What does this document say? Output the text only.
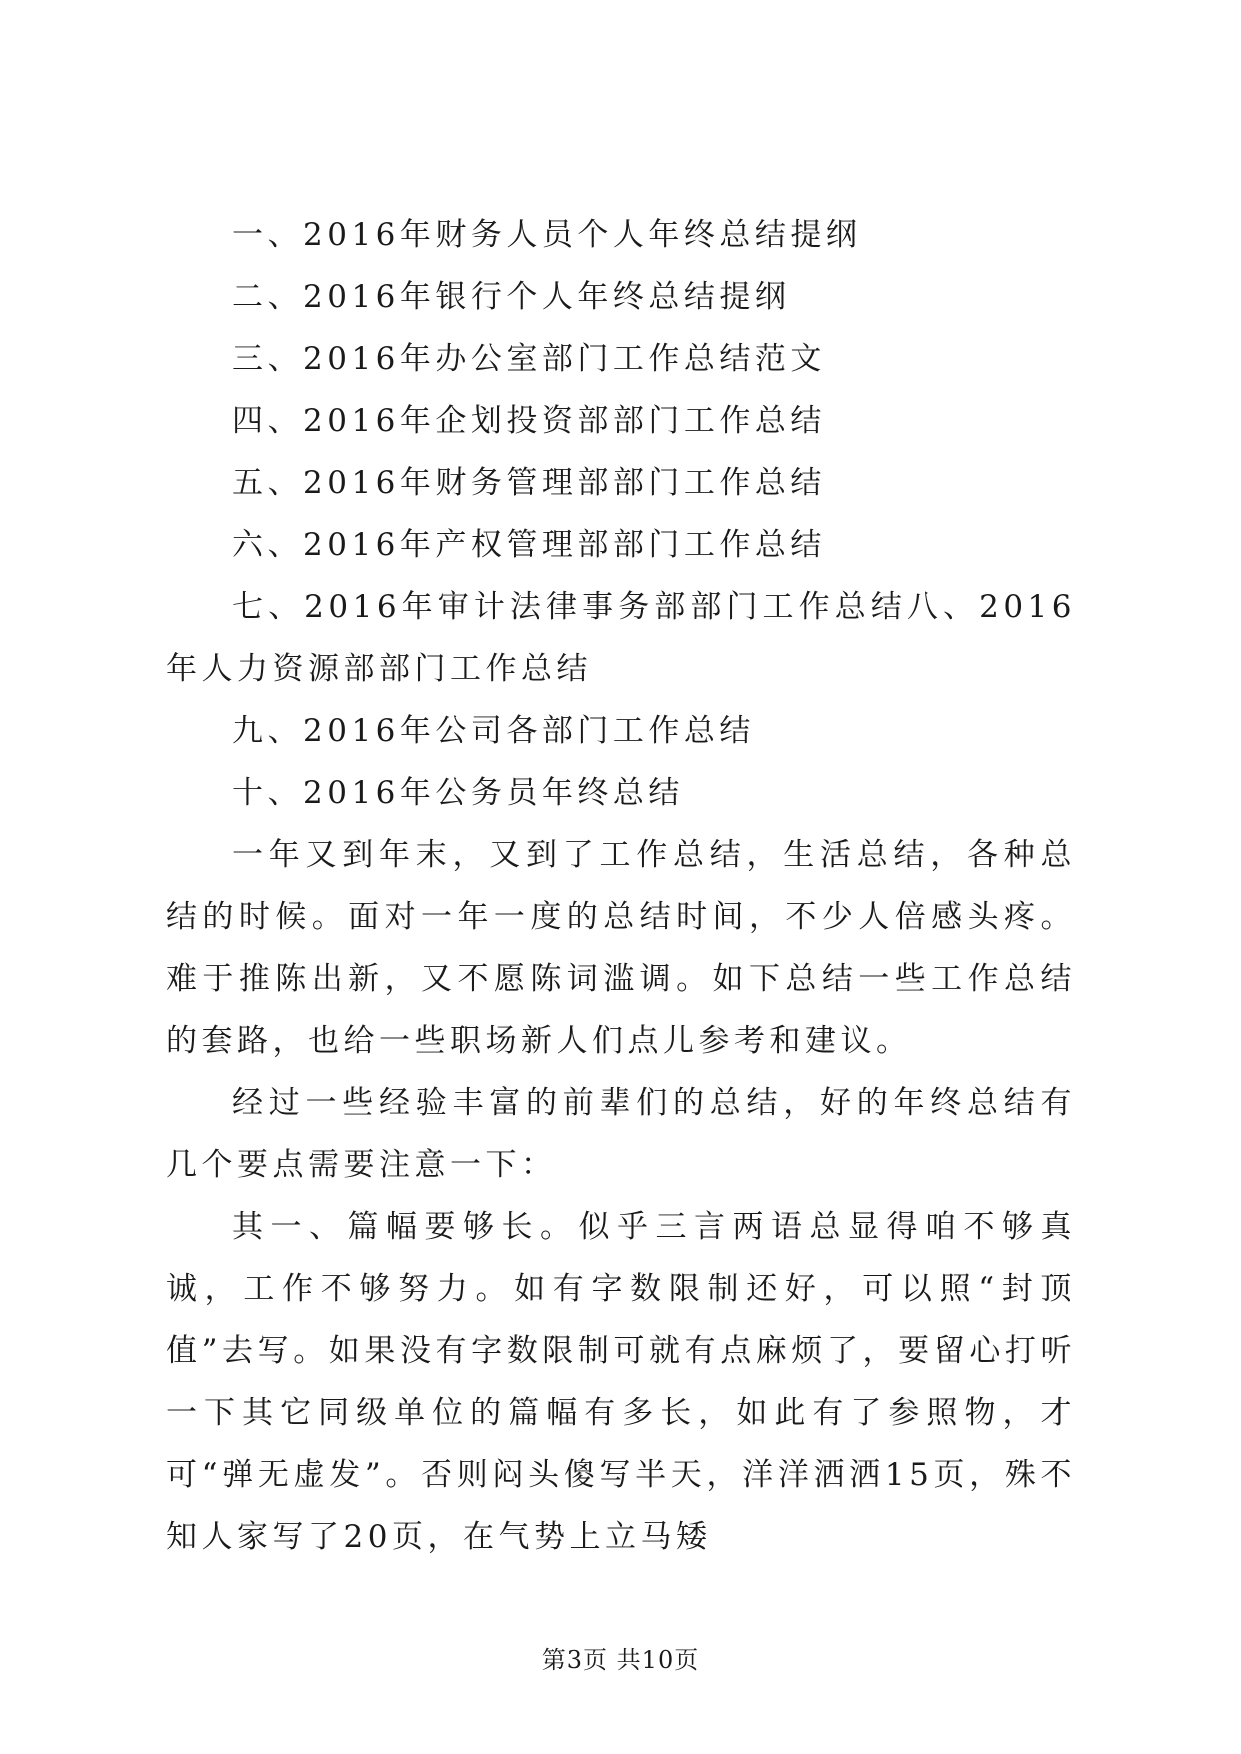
一、2016年财务人员个人年终总结提纲

二、2016年银行个人年终总结提纲

三、2016年办公室部门工作总结范文

四、2016年企划投资部部门工作总结

五、2016年财务管理部部门工作总结

六、2016年产权管理部部门工作总结

七、2016年审计法律事务部部门工作总结八、2016年人力资源部部门工作总结

九、2016年公司各部门工作总结

十、2016年公务员年终总结

一年又到年末，又到了工作总结，生活总结，各种总结的时候。面对一年一度的总结时间，不少人倍感头疼。难于推陈出新，又不愿陈词滥调。如下总结一些工作总结的套路，也给一些职场新人们点儿参考和建议。

经过一些经验丰富的前辈们的总结，好的年终总结有几个要点需要注意一下：

其一、篇幅要够长。似乎三言两语总显得咱不够真诚，工作不够努力。如有字数限制还好，可以照“封顶值”去写。如果没有字数限制可就有点麻烦了，要留心打听一下其它同级单位的篇幅有多长，如此有了参照物，才可“弹无虚发”。否则闷头傻写半天，洋洋洒洒15页，殊不知人家写了20页，在气势上立马矮

第3页 共10页
